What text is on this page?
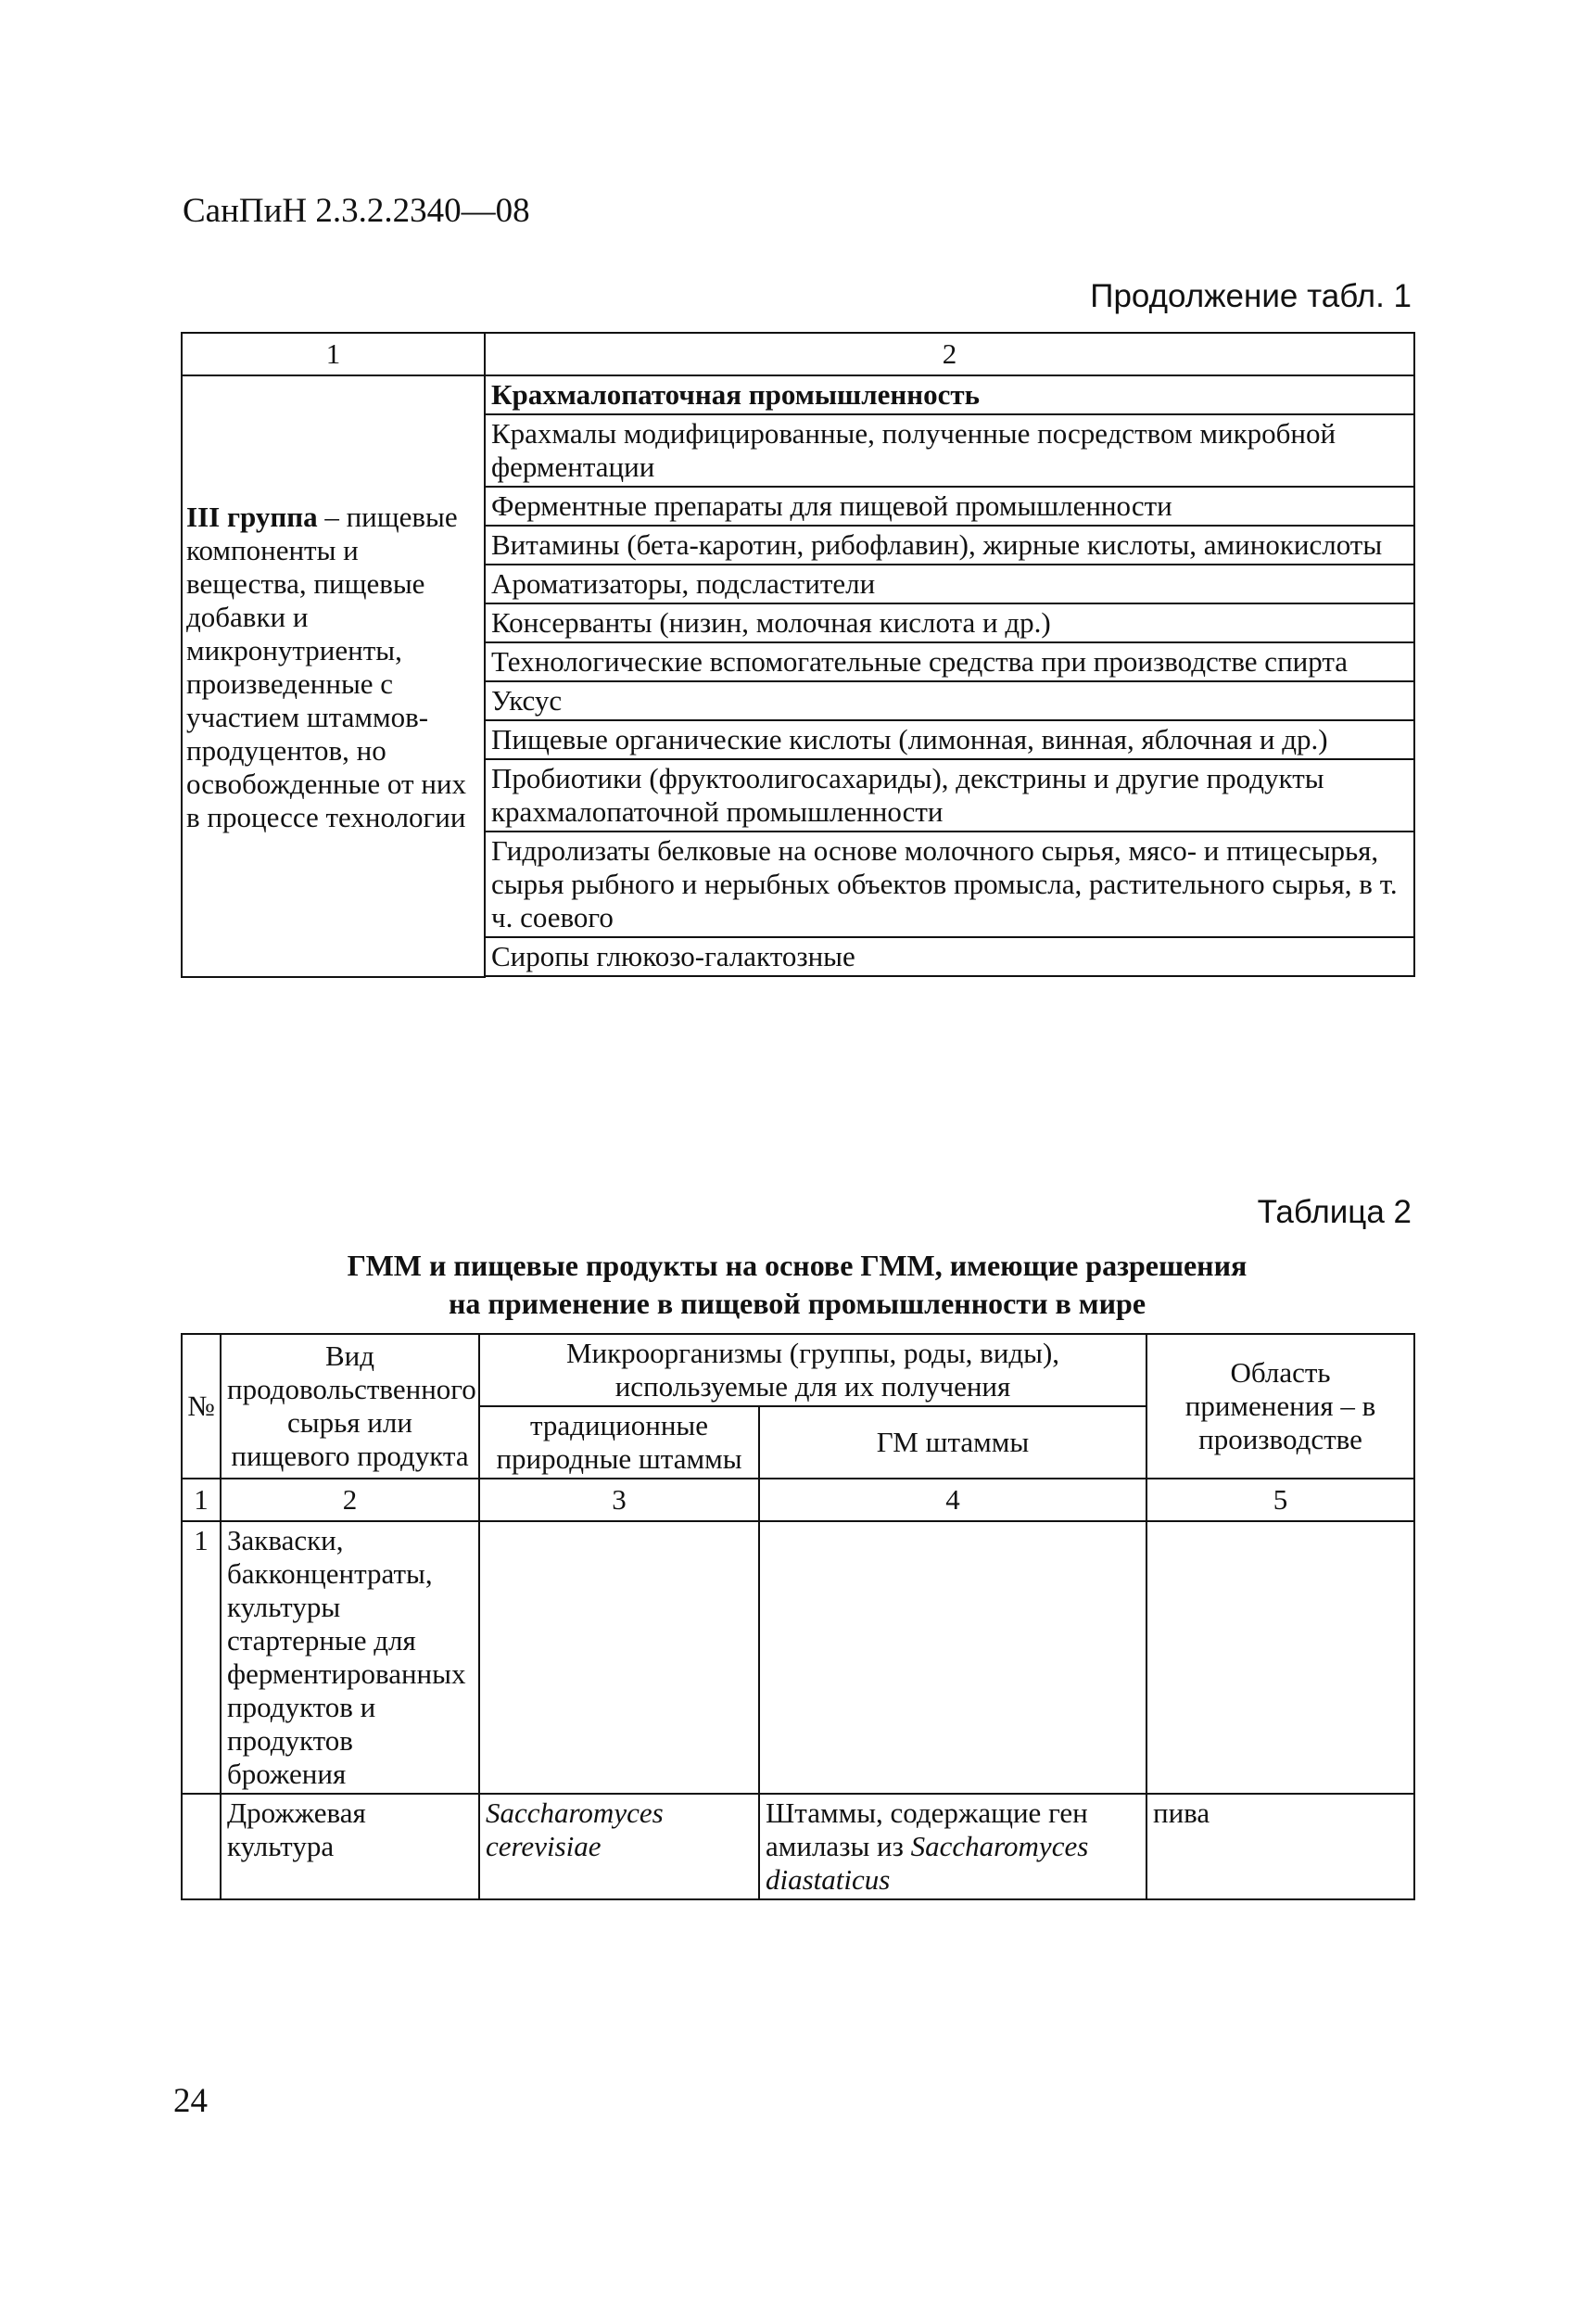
СанПиН 2.3.2.2340—08
Продолжение табл. 1
1	2

III группа – пищевые компоненты и вещества, пищевые добавки и микронутриенты, произведенные с участием штаммов-продуцентов, но освобожденные от них в процессе технологии	Крахмалопаточная промышленность
	Крахмалы модифицированные, полученные посредством микробной ферментации
	Ферментные препараты для пищевой промышленности
	Витамины (бета-каротин, рибофлавин), жирные кислоты, аминокислоты
	Ароматизаторы, подсластители
	Консерванты (низин, молочная кислота и др.)
	Технологические вспомогательные средства при производстве спирта
	Уксус
	Пищевые органические кислоты (лимонная, винная, яблочная и др.)
	Пробиотики (фруктоолигосахариды), декстрины и другие продукты крахмалопаточной промышленности
	Гидролизаты белковые на основе молочного сырья, мясо- и птицесырья, сырья рыбного и нерыбных объектов промысла, растительного сырья, в т. ч. соевого
	Сиропы глюкозо-галактозные

Таблица 2
ГММ и пищевые продукты на основе ГММ, имеющие разрешения
на применение в пищевой промышленности в мире
№	Вид продовольственного сырья или пищевого продукта	Микроорганизмы (группы, роды, виды), используемые для их получения		Область применения – в производстве
		традиционные природные штаммы	ГМ штаммы	
1	2	3	4	5
1	Закваски, бакконцентраты, культуры стартерные для ферментированных продуктов и продуктов брожения			
	Дрожжевая культура	Saccharomyces cerevisiae	Штаммы, содержащие ген амилазы из Saccharomyces diastaticus	пива
24
